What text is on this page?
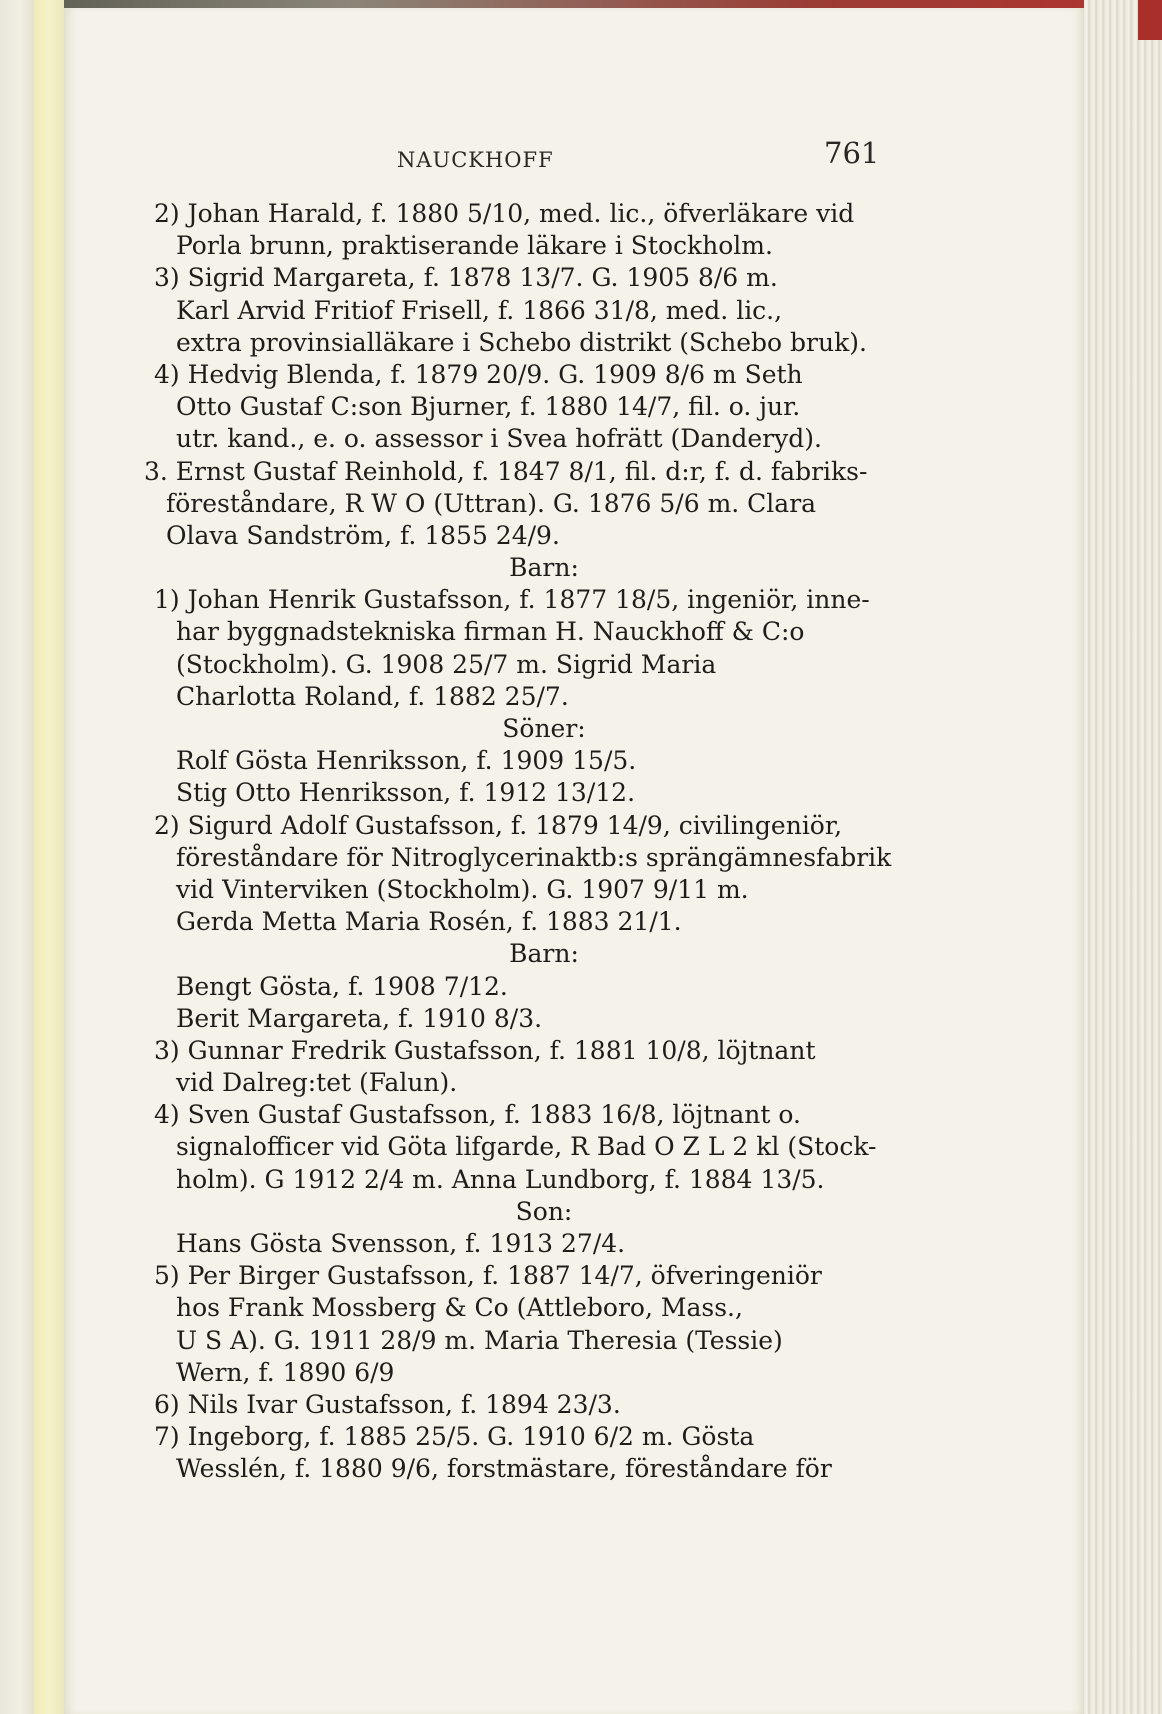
NAUCKHOFF	761
2) Johan Harald, f. 1880 5/10, med. lic., öfverläkare vid
Porla brunn, praktiserande läkare i Stockholm.
3) Sigrid Margareta, f. 1878 13/7. G. 1905 8/6 m.
Karl Arvid Fritiof Frisell, f. 1866 31/8, med. lic.,
extra provinsialläkare i Schebo distrikt (Schebo bruk).
4) Hedvig Blenda, f. 1879 20/9. G. 1909 8/6 m Seth
Otto Gustaf C:son Bjurner, f. 1880 14/7, fil. o. jur.
utr. kand., e. o. assessor i Svea hofrätt (Danderyd).
3. Ernst Gustaf Reinhold, f. 1847 8/1, fil. d:r, f. d. fabriks-
föreståndare, R W O (Uttran). G. 1876 5/6 m. Clara
Olava Sandström, f. 1855 24/9.
Barn:
1) Johan Henrik Gustafsson, f. 1877 18/5, ingeniör, inne-
har byggnadstekniska firman H. Nauckhoff & C:o
(Stockholm). G. 1908 25/7 m. Sigrid Maria
Charlotta Roland, f. 1882 25/7.
Söner:
Rolf Gösta Henriksson, f. 1909 15/5.
Stig Otto Henriksson, f. 1912 13/12.
2) Sigurd Adolf Gustafsson, f. 1879 14/9, civilingeniör,
föreståndare för Nitroglycerinaktb:s sprängämnesfabrik
vid Vinterviken (Stockholm). G. 1907 9/11 m.
Gerda Metta Maria Rosén, f. 1883 21/1.
Barn:
Bengt Gösta, f. 1908 7/12.
Berit Margareta, f. 1910 8/3.
3) Gunnar Fredrik Gustafsson, f. 1881 10/8, löjtnant
vid Dalreg:tet (Falun).
4) Sven Gustaf Gustafsson, f. 1883 16/8, löjtnant o.
signalofficer vid Göta lifgarde, R Bad O Z L 2 kl (Stock-
holm). G 1912 2/4 m. Anna Lundborg, f. 1884 13/5.
Son:
Hans Gösta Svensson, f. 1913 27/4.
5) Per Birger Gustafsson, f. 1887 14/7, öfveringeniör
hos Frank Mossberg & Co (Attleboro, Mass.,
U S A). G. 1911 28/9 m. Maria Theresia (Tessie)
Wern, f. 1890 6/9
6) Nils Ivar Gustafsson, f. 1894 23/3.
7) Ingeborg, f. 1885 25/5. G. 1910 6/2 m. Gösta
Wesslén, f. 1880 9/6, forstmästare, föreståndare för
